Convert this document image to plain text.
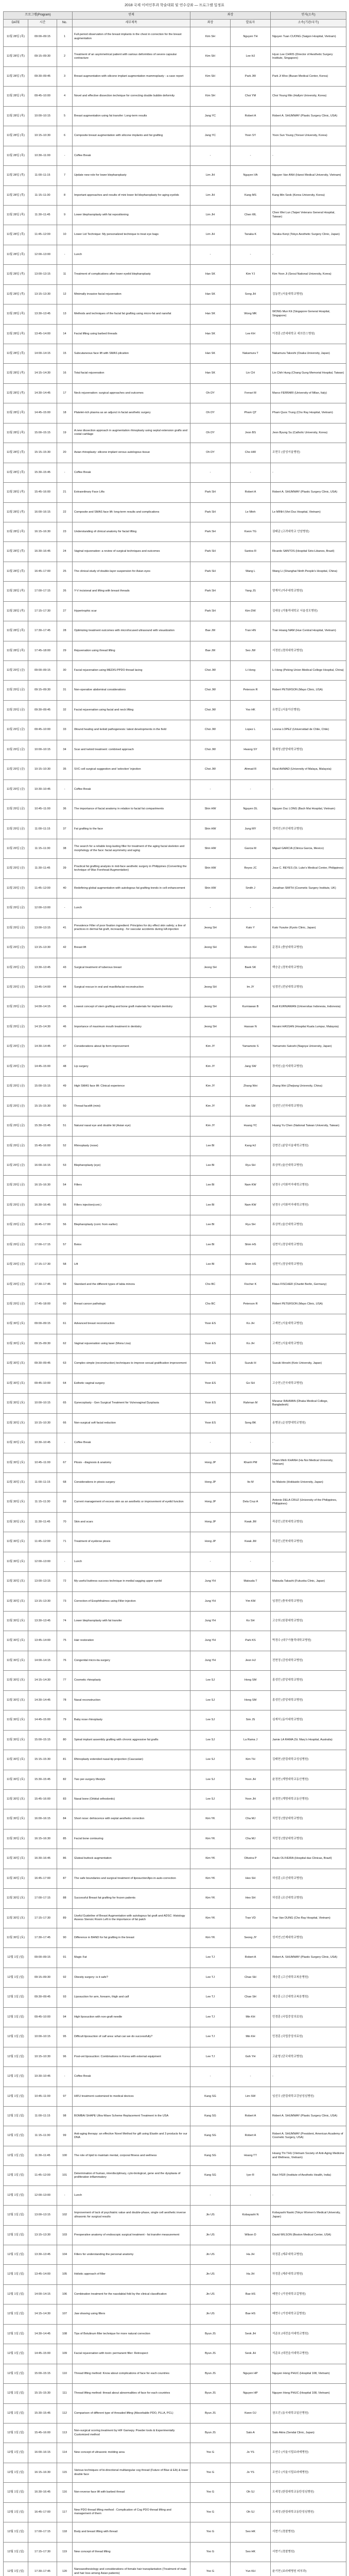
2018 국제 이비인후과 학술대회 및 연수강좌 — 프로그램 일정표
프로그램(Program)			연제	좌장		연자(소속)
DATE	시간	No.	세부제목	좌장	발표자	소속(기관/국가)
11월 28일 (목)	09:00–09:15	1	Full-period observation of the breast implants in the chest in correction for the breast augmentation	Kim SH	Nguyen TH	Nguyen Tuan CUONG (Saigon Hospital, Vietnam)
11월 28일 (목)	09:15–09:30	2	Treatment of an asymmetrical patient with various deformities of severe capsular contracture	Kim SH	Lee HJ	Hyun Lee CHRIS (Director of Aesthetic Surgery Institute, Singapore)
11월 28일 (목)	09:30–09:45	3	Breast augmentation with silicone implant augmentation mammoplasty - a case report	Kim SH	Park JW	Park Ji Woo (Busan Medical Center, Korea)
11월 28일 (목)	09:45–10:00	4	Novel and effective dissection technique for correcting double bubble deformity	Kim SH	Choi YM	Choi Young Min (Hallym University, Korea)
11월 28일 (목)	10:00–10:15	5	Breast augmentation using fat transfer: Long-term results	Jang YC	Robert A	Robert A. SHUMWAY (Plastic Surgery Clinic, USA)
11월 28일 (목)	10:15–10:30	6	Composite breast augmentation with silicone implants and fat grafting	Jang YC	Yoon SY	Yoon Sun Young (Yonsei University, Korea)
11월 28일 (목)	10:30–11:00	-	Coffee Break	-	-	-
11월 28일 (목)	11:00–11:15	7	Update new role for lower blepharoplasty	Lim JH	Nguyen VA	Nguyen Van ANH (Hanoi Medical University, Vietnam)
11월 28일 (목)	11:15–11:30	8	Important approaches and results of mini lower lid blepharoplasty for aging eyelids	Lim JH	Kang MS	Kang Min Seok (Korea University, Korea)
11월 28일 (목)	11:30–11:45	9	Lower blepharoplasty with fat repositioning	Lim JH	Chen WL	Chen Wei Lun (Taipei Veterans General Hospital, Taiwan)
11월 28일 (목)	11:45–12:00	10	Lower Lid Technique: My personalized technique to treat eye bags	Lim JH	Tanaka K	Tanaka Kenji (Tokyo Aesthetic Surgery Clinic, Japan)
11월 28일 (목)	12:00–13:00	-	Lunch	-	-	-
11월 28일 (목)	13:00–13:15	11	Treatment of complications after lower eyelid blepharoplasty	Han SK	Kim YJ	Kim Yoon Ji (Seoul National University, Korea)
11월 28일 (목)	13:15–13:30	12	Minimally invasive facial rejuvenation	Han SK	Song JH	김동현 (서울대학교병원)
11월 28일 (목)	13:30–13:45	13	Methods and techniques of the facial fat grafting using micro-fat and nanofat	Han SK	Wong MK	WONG Mun Kit (Singapore General Hospital, Singapore)
11월 28일 (목)	13:45–14:00	14	Facial lifting using barbed threads	Han SK	Lee KH	이경훈 (연세대학교 세브란스병원)
11월 28일 (목)	14:00–14:15	15	Subcutaneous face lift with SMAS plication	Han SK	Nakamura T	Nakamura Takeshi (Osaka University, Japan)
11월 28일 (목)	14:15–14:30	16	Total facial rejuvenation	Han SK	Lin CH	Lin Chih Hung (Chang Gung Memorial Hospital, Taiwan)
11월 28일 (목)	14:30–14:45	17	Neck rejuvenation: surgical approaches and outcomes	Oh DY	Ferrari M	Marco FERRARI (University of Milan, Italy)
11월 28일 (목)	14:45–15:00	18	Platelet-rich plasma as an adjunct in facial aesthetic surgery	Oh DY	Pham QT	Pham Quoc Trung (Cho Ray Hospital, Vietnam)
11월 28일 (목)	15:00–15:15	19	A new dissection approach in augmentation rhinoplasty using septal extension grafts and costal cartilage	Oh DY	Jeon BS	Jeon Byung Su (Catholic University, Korea)
11월 28일 (목)	15:15–15:30	20	Asian rhinoplasty: silicone implant versus autologous tissue	Oh DY	Cho HW	조현우 (삼성서울병원)
11월 28일 (목)	15:30–15:45	-	Coffee Break	-	-	-
11월 28일 (목)	15:45–16:00	21	Extraordinary Face Lifts	Park SH	Robert A	Robert A. SHUMWAY (Plastic Surgery Clinic, USA)
11월 28일 (목)	16:00–16:15	22	Composite and SMAS face lift: long-term results and complications	Park SH	Le Minh	Le MINH (Viet Duc Hospital, Vietnam)
11월 28일 (목)	16:15–16:30	23	Understanding of clinical anatomy for facial lifting	Park SH	Kwon TG	권태균 (고려대학교 안암병원)
11월 28일 (목)	16:30–16:45	24	Vaginal rejuvenation: a review of surgical techniques and outcomes	Park SH	Santos R	Ricardo SANTOS (Hospital Sirio-Libanes, Brazil)
11월 28일 (목)	16:45–17:00	25	The clinical study of double-layer suspension for Asian eyes	Park SH	Wang L	Wang Li (Shanghai Ninth People's Hospital, China)
11월 28일 (목)	17:00–17:15	26	Y-V incisional and lifting with breast threads	Park SH	Yang JS	양재석 (아주대학교병원)
11월 28일 (목)	17:15–17:30	27	Hypertrophic scar	Park SH	Kim DW	김대웅 (가톨릭대학교 서울성모병원)
11월 28일 (목)	17:30–17:45	28	Optimizing treatment outcomes with microfocused ultrasound with visualization	Bae JM	Tran HN	Tran Hoang NAM (Hue Central Hospital, Vietnam)
11월 28일 (목)	17:45–18:00	29	Rejuvenation using thread lifting	Bae JM	Seo JW	서정원 (경희대학교병원)
11월 29일 (금)	09:00–09:15	30	Facial rejuvenation using MEDIS-PPDO thread lacing	Choi JW	Li Hong	Li Hong (Peking Union Medical College Hospital, China)
11월 29일 (금)	09:15–09:30	31	Non-operative abdominal considerations	Choi JW	Peterson R	Robert PETERSON (Mayo Clinic, USA)
11월 29일 (금)	09:30–09:45	32	Facial rejuvenation using facial and neck lifting	Choi JW	Yoo HK	유현길 (서울아산병원)
11월 29일 (금)	09:45–10:00	33	Wound healing and keloid pathogenesis: latest developments in the field	Choi JW	Lopez L	Lorena LOPEZ (Universidad de Chile, Chile)
11월 29일 (금)	10:00–10:15	34	Scar and keloid treatment: combined approach	Choi JW	Hwang SY	황세영 (한양대학교병원)
11월 29일 (금)	10:15–10:30	35	SVC cell surgical suggestion and 'selection' injection	Choi JW	Ahmad R	Rizal AHMAD (University of Malaya, Malaysia)
11월 29일 (금)	10:30–10:45	-	Coffee Break	-	-	-
11월 29일 (금)	10:45–11:00	36	The importance of facial anatomy in relation to facial fat compartments	Shin HW	Nguyen DL	Nguyen Duc LONG (Bach Mai Hospital, Vietnam)
11월 29일 (금)	11:00–11:15	37	Fat grafting to the face	Shin HW	Jung MY	정미연 (부산대학교병원)
11월 29일 (금)	11:15–11:30	38	The search for a reliable long-lasting filler for treatment of the aging facial skeleton and morphology of the face: facial asymmetry and aging	Shin HW	Garcia M	Miguel GARCIA (Clinica Garcia, Mexico)
11월 29일 (금)	11:30–11:45	39	Practical fat grafting analysis in mid-face aesthetic surgery in Philippines (Converting the technique of Wax Forehead Augmentation)	Shin HW	Reyes JC	Jose C. REYES (St. Luke's Medical Center, Philippines)
11월 29일 (금)	11:45–12:00	40	Redefining global augmentation with autologous fat grafting trends in cell enhancement	Shin HW	Smith J	Jonathan SMITH (Cosmetic Surgery Institute, UK)
11월 29일 (금)	12:00–13:00	-	Lunch	-	-	-
11월 29일 (금)	13:00–13:15	41	Prevalence Filler of poor fixation ingredient: Principles for dry effect skin safety; a line of practices in dermal fat graft, increasing - for vascular accidents during HA injection	Jeong SH	Kato Y	Kato Yusuke (Kyoto Clinic, Japan)
11월 29일 (금)	13:15–13:30	42	Breast lift	Jeong SH	Moon KH	문경호 (충남대학교병원)
11월 29일 (금)	13:30–13:45	43	Surgical treatment of tuberous breast	Jeong SH	Baek SK	백승균 (경북대학교병원)
11월 29일 (금)	13:45–14:00	44	Surgical rescue in oral and maxillofacial reconstruction	Jeong SH	Im JY	임정연 (전남대학교병원)
11월 29일 (금)	14:00–14:15	45	Lowest concept of stem grafting and bone graft materials for implant dentistry	Jeong SH	Kurniawan B	Budi KURNIAWAN (Universitas Indonesia, Indonesia)
11월 29일 (금)	14:15–14:30	46	Importance of maximum mouth treatment in dentistry	Jeong SH	Hassan N	Noraini HASSAN (Hospital Kuala Lumpur, Malaysia)
11월 29일 (금)	14:30–14:45	47	Considerations about lip form improvement	Kim JY	Yamamoto S	Yamamoto Satoshi (Nagoya University, Japan)
11월 29일 (금)	14:45–15:00	48	Lip surgery	Kim JY	Jang SW	장석원 (을지대학교병원)
11월 29일 (금)	15:00–15:15	49	High SMAS face lift: Clinical experience	Kim JY	Zhang Wei	Zhang Wei (Zhejiang University, China)
11월 29일 (금)	15:15–15:30	50	Thread facelift (mini)	Kim JY	Kim SM	김선민 (인하대학교병원)
11월 29일 (금)	15:30–15:45	51	Natural nasal eye and double lid (Asian eye)	Kim JY	Huang YC	Huang Yu Chen (National Taiwan University, Taiwan)
11월 29일 (금)	15:45–16:00	52	Rhinoplasty (nose)	Lee BI	Kang HJ	강현진 (분당서울대학교병원)
11월 29일 (금)	16:00–16:15	53	Blepharoplasty (eye)	Lee BI	Ryu SH	류상혁 (울산대학교병원)
11월 29일 (금)	16:15–16:30	54	Fillers	Lee BI	Nam KW	남경우 (이화여자대학교병원)
11월 29일 (금)	16:30–16:45	55	Fillers injection(cont.)	Lee BI	Nam KW	남경우 (이화여자대학교병원)
11월 29일 (금)	16:45–17:00	56	Blepharoplasty (cont. from earlier)	Lee BI	Ryu SH	류상혁 (울산대학교병원)
11월 29일 (금)	17:00–17:15	57	Botox	Lee BI	Shim HS	심현석 (경상대학교병원)
11월 29일 (금)	17:15–17:30	58	Lift	Lee BI	Shim HS	심현석 (경상대학교병원)
11월 29일 (금)	17:30–17:45	59	Standard and the different types of labia minora	Cho BC	Fischer K	Klaus FISCHER (Charité Berlin, Germany)
11월 29일 (금)	17:45–18:00	60	Breast cancer pathologic	Cho BC	Peterson R	Robert PETERSON (Mayo Clinic, USA)
11월 30일 (토)	09:00–09:15	61	Advanced breast reconstruction	Yoon ES	Ko JH	고재현 (서울대학교병원)
11월 30일 (토)	09:15–09:30	62	Vaginal rejuvenation using laser (Mona Lisa)	Yoon ES	Ko JH	고재현 (서울대학교병원)
11월 30일 (토)	09:30–09:45	63	Complex simple (reconstruction) techniques to improve sexual gratification improvement	Yoon ES	Suzuki H	Suzuki Hiroshi (Keio University, Japan)
11월 30일 (토)	09:45–10:00	64	Esthetic vaginal surgery	Yoon ES	Go SH	고승현 (건국대학교병원)
11월 30일 (토)	10:00–10:15	65	Gynecoplasty - Gen Surgical Treatment for Vulvovaginal Dysplasia	Yoon ES	Rahman M	Mizanur RAHMAN (Dhaka Medical College, Bangladesh)
11월 30일 (토)	10:15–10:30	66	Non-surgical soft facial reduction	Yoon ES	Song BK	송병권 (순천향대학교병원)
11월 30일 (토)	10:30–10:45	-	Coffee Break	-	-	-
11월 30일 (토)	10:45–11:00	67	Ptosis - diagnosis & anatomy	Hong JP	Khanh PM	Pham Minh KHANH (Ha Noi Medical University, Vietnam)
11월 30일 (토)	11:00–11:15	68	Considerations in ptosis surgery	Hong JP	Ito M	Ito Makoto (Hokkaido University, Japan)
11월 30일 (토)	11:15–11:30	69	Current management of excess skin as an aesthetic or improvement of eyelid function	Hong JP	Dela Cruz A	Antonio DELA CRUZ (University of the Philippines, Philippines)
11월 30일 (토)	11:30–11:45	70	Skin and scars	Hong JP	Kwak JM	곽종민 (전북대학교병원)
11월 30일 (토)	11:45–12:00	71	Treatment of eyebrow ptosis	Hong JP	Kwak JM	곽종민 (전북대학교병원)
11월 30일 (토)	12:00–13:00	-	Lunch	-	-	-
11월 30일 (토)	13:00–13:15	72	My useful buttress success technique in medial sagging upper eyelid	Jung YH	Matsuda T	Matsuda Takashi (Fukuoka Clinic, Japan)
11월 30일 (토)	13:15–13:30	73	Correction of Exophthalmos using Filler injection	Jung YH	Yim KM	임경민 (충북대학교병원)
11월 30일 (토)	13:30–13:45	74	Lower blepharoplasty with fat transfer	Jung YH	Ko SH	고승희 (원광대학교병원)
11월 30일 (토)	13:45–14:00	75	Hair restoration	Jung YH	Park KS	박경수 (대구가톨릭대학교병원)
11월 30일 (토)	14:00–14:15	76	Congenital micro-tia surgery	Jung YH	Jeon HJ	전현정 (강원대학교병원)
11월 30일 (토)	14:15–14:30	77	Cosmetic rhinoplasty	Lee SJ	Hong SM	홍성민 (중앙대학교병원)
11월 30일 (토)	14:30–14:45	78	Nasal reconstruction	Lee SJ	Hong SM	홍성민 (중앙대학교병원)
11월 30일 (토)	14:45–15:00	79	Baby nose rhinoplasty	Lee SJ	Sim JS	심재석 (동아대학교병원)
11월 30일 (토)	15:00–15:15	80	Spinal implant assembly grafting with chronic aggressive fat grafts	Lee SJ	La Rama J	Jamie LA RAMA (St. Mary's Hospital, Australia)
11월 30일 (토)	15:15–15:30	81	Rhinoplasty extended nasal-tip projection (Caucasian)	Lee SJ	Kim TH	김태현 (한림대학교성심병원)
11월 30일 (토)	15:30–15:45	82	Two per-surgery lifestyle	Lee SJ	Yoon JH	윤정현 (계명대학교동산병원)
11월 30일 (토)	15:45–16:00	83	Nasal bone (Orbital orthodontic)	Lee SJ	Yoon JH	윤정현 (계명대학교동산병원)
11월 30일 (토)	16:00–16:15	84	Short nose: dehiscence with septal aesthetic correction	Kim YK	Cha MJ	차민정 (영남대학교병원)
11월 30일 (토)	16:15–16:30	85	Facial bone contouring	Kim YK	Cha MJ	차민정 (영남대학교병원)
11월 30일 (토)	16:30–16:45	86	Gluteal buttock augmentation	Kim YK	Oliveira P	Paulo OLIVEIRA (Hospital das Clinicas, Brazil)
11월 30일 (토)	16:45–17:00	87	The safe boundaries and surgical treatment of liposuction/lipo-in-auto-correction	Kim YK	Heo SH	허성훈 (조선대학교병원)
11월 30일 (토)	17:00–17:15	88	Successful Breast fat grafting for frozen patients	Kim YK	Heo SH	허성훈 (조선대학교병원)
11월 30일 (토)	17:15–17:30	89	Useful Guideline of Breast Augmentation with autologous fat graft and ADSC: Histology Assess Stenoic Room Left in the importance of fat patch	Kim YK	Tran VD	Tran Van DUNG (Cho Ray Hospital, Vietnam)
11월 30일 (토)	17:30–17:45	90	Difference in BAND for fat grafting in the breast	Kim YK	Seong JY	성지연 (인제대학교병원)
12월 1일 (일)	09:00–09:15	91	Magic Fat	Lee TJ	Robert A	Robert A. SHUMWAY (Plastic Surgery Clinic, USA)
12월 1일 (일)	09:15–09:30	92	Obesity surgery: is it safe?	Lee TJ	Chae SH	채승훈 (고신대학교복음병원)
12월 1일 (일)	09:30–09:45	93	Liposuction for arm, forearm, thigh and calf	Lee TJ	Chae SH	채승훈 (고신대학교복음병원)
12월 1일 (일)	09:45–10:00	94	High liposuction with non-graft needle	Lee TJ	Min KH	민경훈 (국립중앙의료원)
12월 1일 (일)	10:00–10:15	95	Difficult liposuction of calf area: what can we do successfully?	Lee TJ	Min KH	민경훈 (국립중앙의료원)
12월 1일 (일)	10:15–10:30	96	Post-vet liposuction: Combinations in Korea with external equipment	Lee TJ	Goh YH	고윤형 (단국대학교병원)
12월 1일 (일)	10:30–10:45	-	Coffee Break	-	-	-
12월 1일 (일)	10:45–11:00	97	HIFU treatment customized to medical devices	Kang SG	Lim SW	임선우 (한림대학교강남성심병원)
12월 1일 (일)	11:00–11:15	98	BOMBAI SHAPE Ultra-Wave Scheme Replacement Treatment in the USA	Kang SG	Robert A	Robert A. SHUMWAY (Plastic Surgery Clinic, USA)
12월 1일 (일)	11:15–11:30	99	Anti-aging therapy: an effective Novel Method for gift using Elastin and 3 products for our DNA	Kang SG	Robert A	Robert A. SHUMWAY (President, American Academy of Cosmetic Surgery, USA)
12월 1일 (일)	11:30–11:45	100	The role of lipid to maintain mental, corporal fitness and wellness	Kang SG	Hoang TT	Hoang Thi THU (Vietnam Society of Anti-Aging Medicine and Wellness, Vietnam)
12월 1일 (일)	11:45–12:00	101	Determination of human, interdisciplinary, cyto-biological, gene and the dysplasia of proliferation inflammatory	Kang SG	Iyer R	Ravi IYER (Institute of Aesthetic Health, India)
12월 1일 (일)	12:00–13:00	-	Lunch	-	-	-
12월 1일 (일)	13:00–13:15	102	Improvement of lack of psychiatric value and double-phase, single cell aesthetic inverse ultrasonic for surgical results	Jin US	Kobayashi N	Kobayashi Naoki (Tokyo Women's Medical University, Japan)
12월 1일 (일)	13:15–13:30	103	Preoperative anatomy of endoscopic surgical treatment - fat transfer measurement	Jin US	Wilson D	David WILSON (Boston Medical Center, USA)
12월 1일 (일)	13:30–13:45	104	Fillers for understanding the personal anatomy	Jin US	Ha JH	하정훈 (제주대학교병원)
12월 1일 (일)	13:45–14:00	105	Holistic approach of filler	Jin US	Ha JH	하정훈 (제주대학교병원)
12월 1일 (일)	14:00–14:15	106	Combination treatment for the nasolabial fold by the clinical classification	Jin US	Bae HS	배현수 (가천대학교길병원)
12월 1일 (일)	14:15–14:30	107	Jaw shaving using fillers	Jin US	Bae HS	배현수 (가천대학교길병원)
12월 1일 (일)	14:30–14:45	108	Tips of Botulinum filler technique for more natural correction	Byun JS	Seok JH	석준호 (대전을지대학교병원)
12월 1일 (일)	14:45–15:00	109	Facial rejuvenation with toxin: permanent filler: Retrospect	Byun JS	Seok JH	석준호 (대전을지대학교병원)
12월 1일 (일)	15:00–15:15	110	Thread lifting method: Know about complications of face for each countries	Byun JS	Nguyen HP	Nguyen Hong PHUC (Hospital 108, Vietnam)
12월 1일 (일)	15:15–15:30	111	Thread lifting method: thread about abnormalities of face for each countries	Byun JS	Nguyen HP	Nguyen Hong PHUC (Hospital 108, Vietnam)
12월 1일 (일)	15:30–15:45	112	Comparison of different type of threaded lifting (Absorbable PDO, PLLA, PCL)	Byun JS	Kwon OJ	권오진 (동국대학교일산병원)
12월 1일 (일)	15:45–16:00	113	Non-surgical scoring treatment by HIF Gamepy. Powder tools & Experimentally Customized method	Byun JS	Sato A	Sato Akira (Sendai Clinic, Japan)
12월 1일 (일)	16:00–16:15	114	New concept of ultrasonic molding area	Yoo G	Jo YS	조연수 (서울시립보라매병원)
12월 1일 (일)	16:15–16:30	115	Various techniques of bi-directional multiangular cog thread (Future of Blue & EA) & lower double face	Yoo G	Jo YS	조연수 (서울시립보라매병원)
12월 1일 (일)	16:30–16:45	116	Non-reverse face lift with barbed thread	Yoo G	Oh SJ	오세정 (한림대학교동탄성심병원)
12월 1일 (일)	16:45–17:00	117	New PDO thread lifting method : Complication of Cog PDO thread lifting and management of them	Yoo G	Oh SJ	오세정 (한림대학교동탄성심병원)
12월 1일 (일)	17:00–17:15	118	Body and breast lifting with thread	Yoo G	Seo HK	서현기 (경찰병원)
12월 1일 (일)	17:15–17:30	119	New concept of thread lifting	Yoo G	Seo HK	서현기 (경찰병원)
12월 1일 (일)	17:30–17:45	120	Nanoaesthesiology and considerations of female hair transplantation (Treatment of male and hair loss among Asian patients)	Yoo G	Yun KH	윤기현 (보라매병원 피부과)
